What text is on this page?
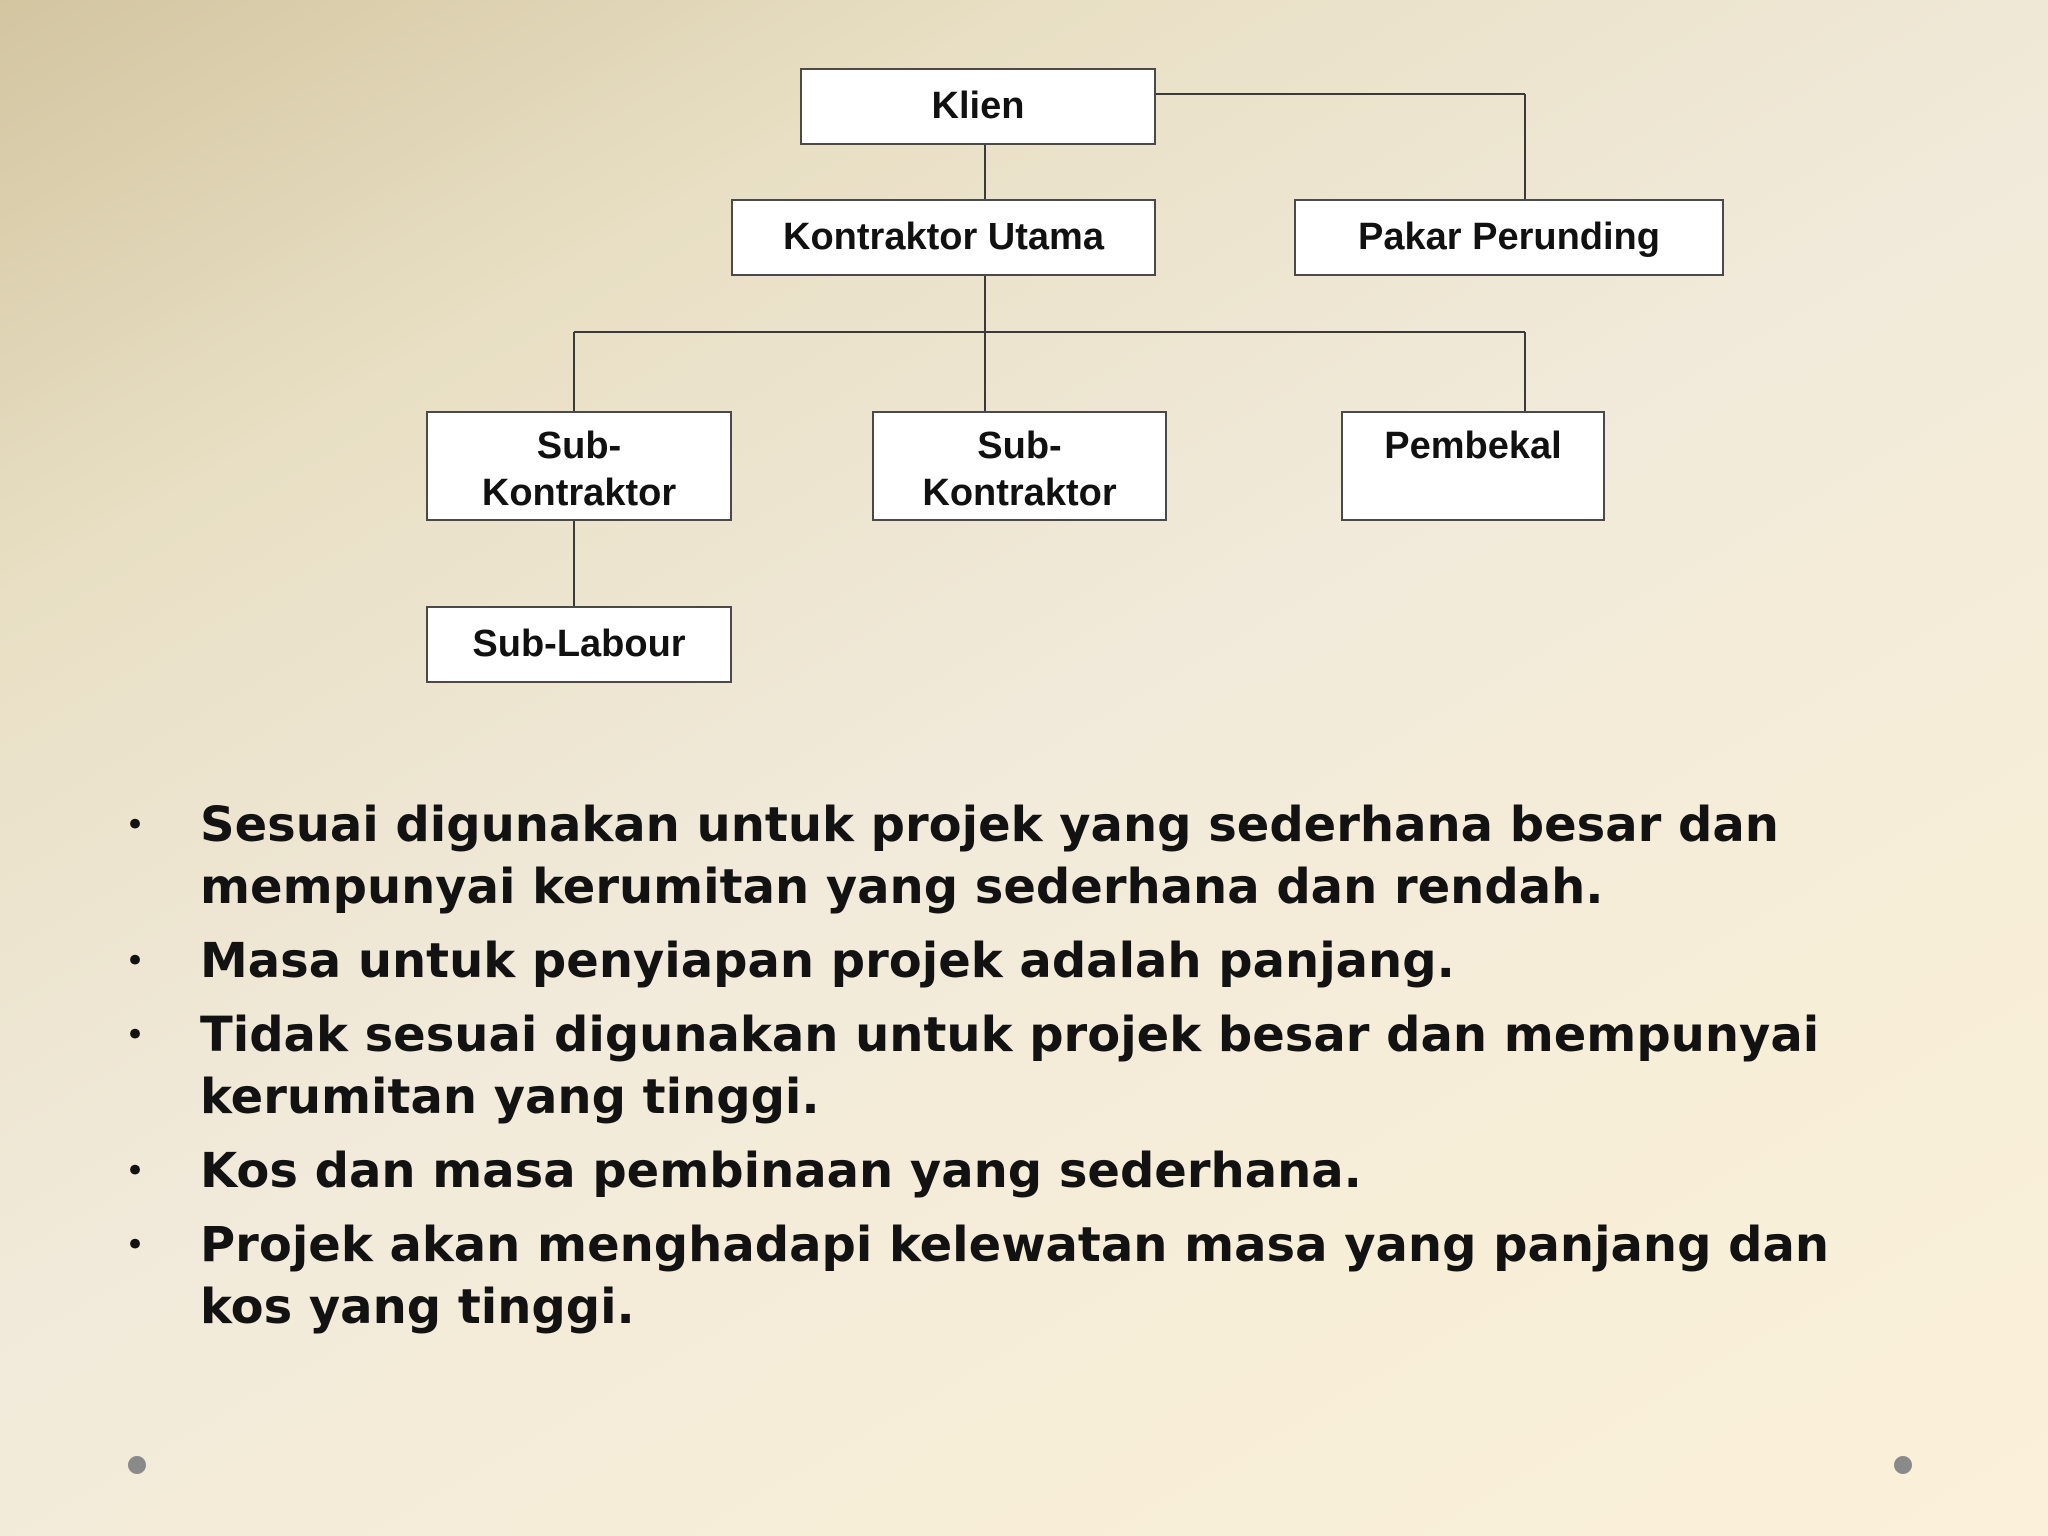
Klien
Kontraktor Utama	Pakar Perunding
Sub-
Kontraktor
Sub-
Kontraktor
Pembekal
Sub-Labour
• Sesuai digunakan untuk projek yang sederhana besar dan mempunyai kerumitan yang sederhana dan rendah.
• Masa untuk penyiapan projek adalah panjang.
• Tidak sesuai digunakan untuk projek besar dan mempunyai kerumitan yang tinggi.
• Kos dan masa pembinaan yang sederhana.
• Projek akan menghadapi kelewatan masa yang panjang dan kos yang tinggi.
